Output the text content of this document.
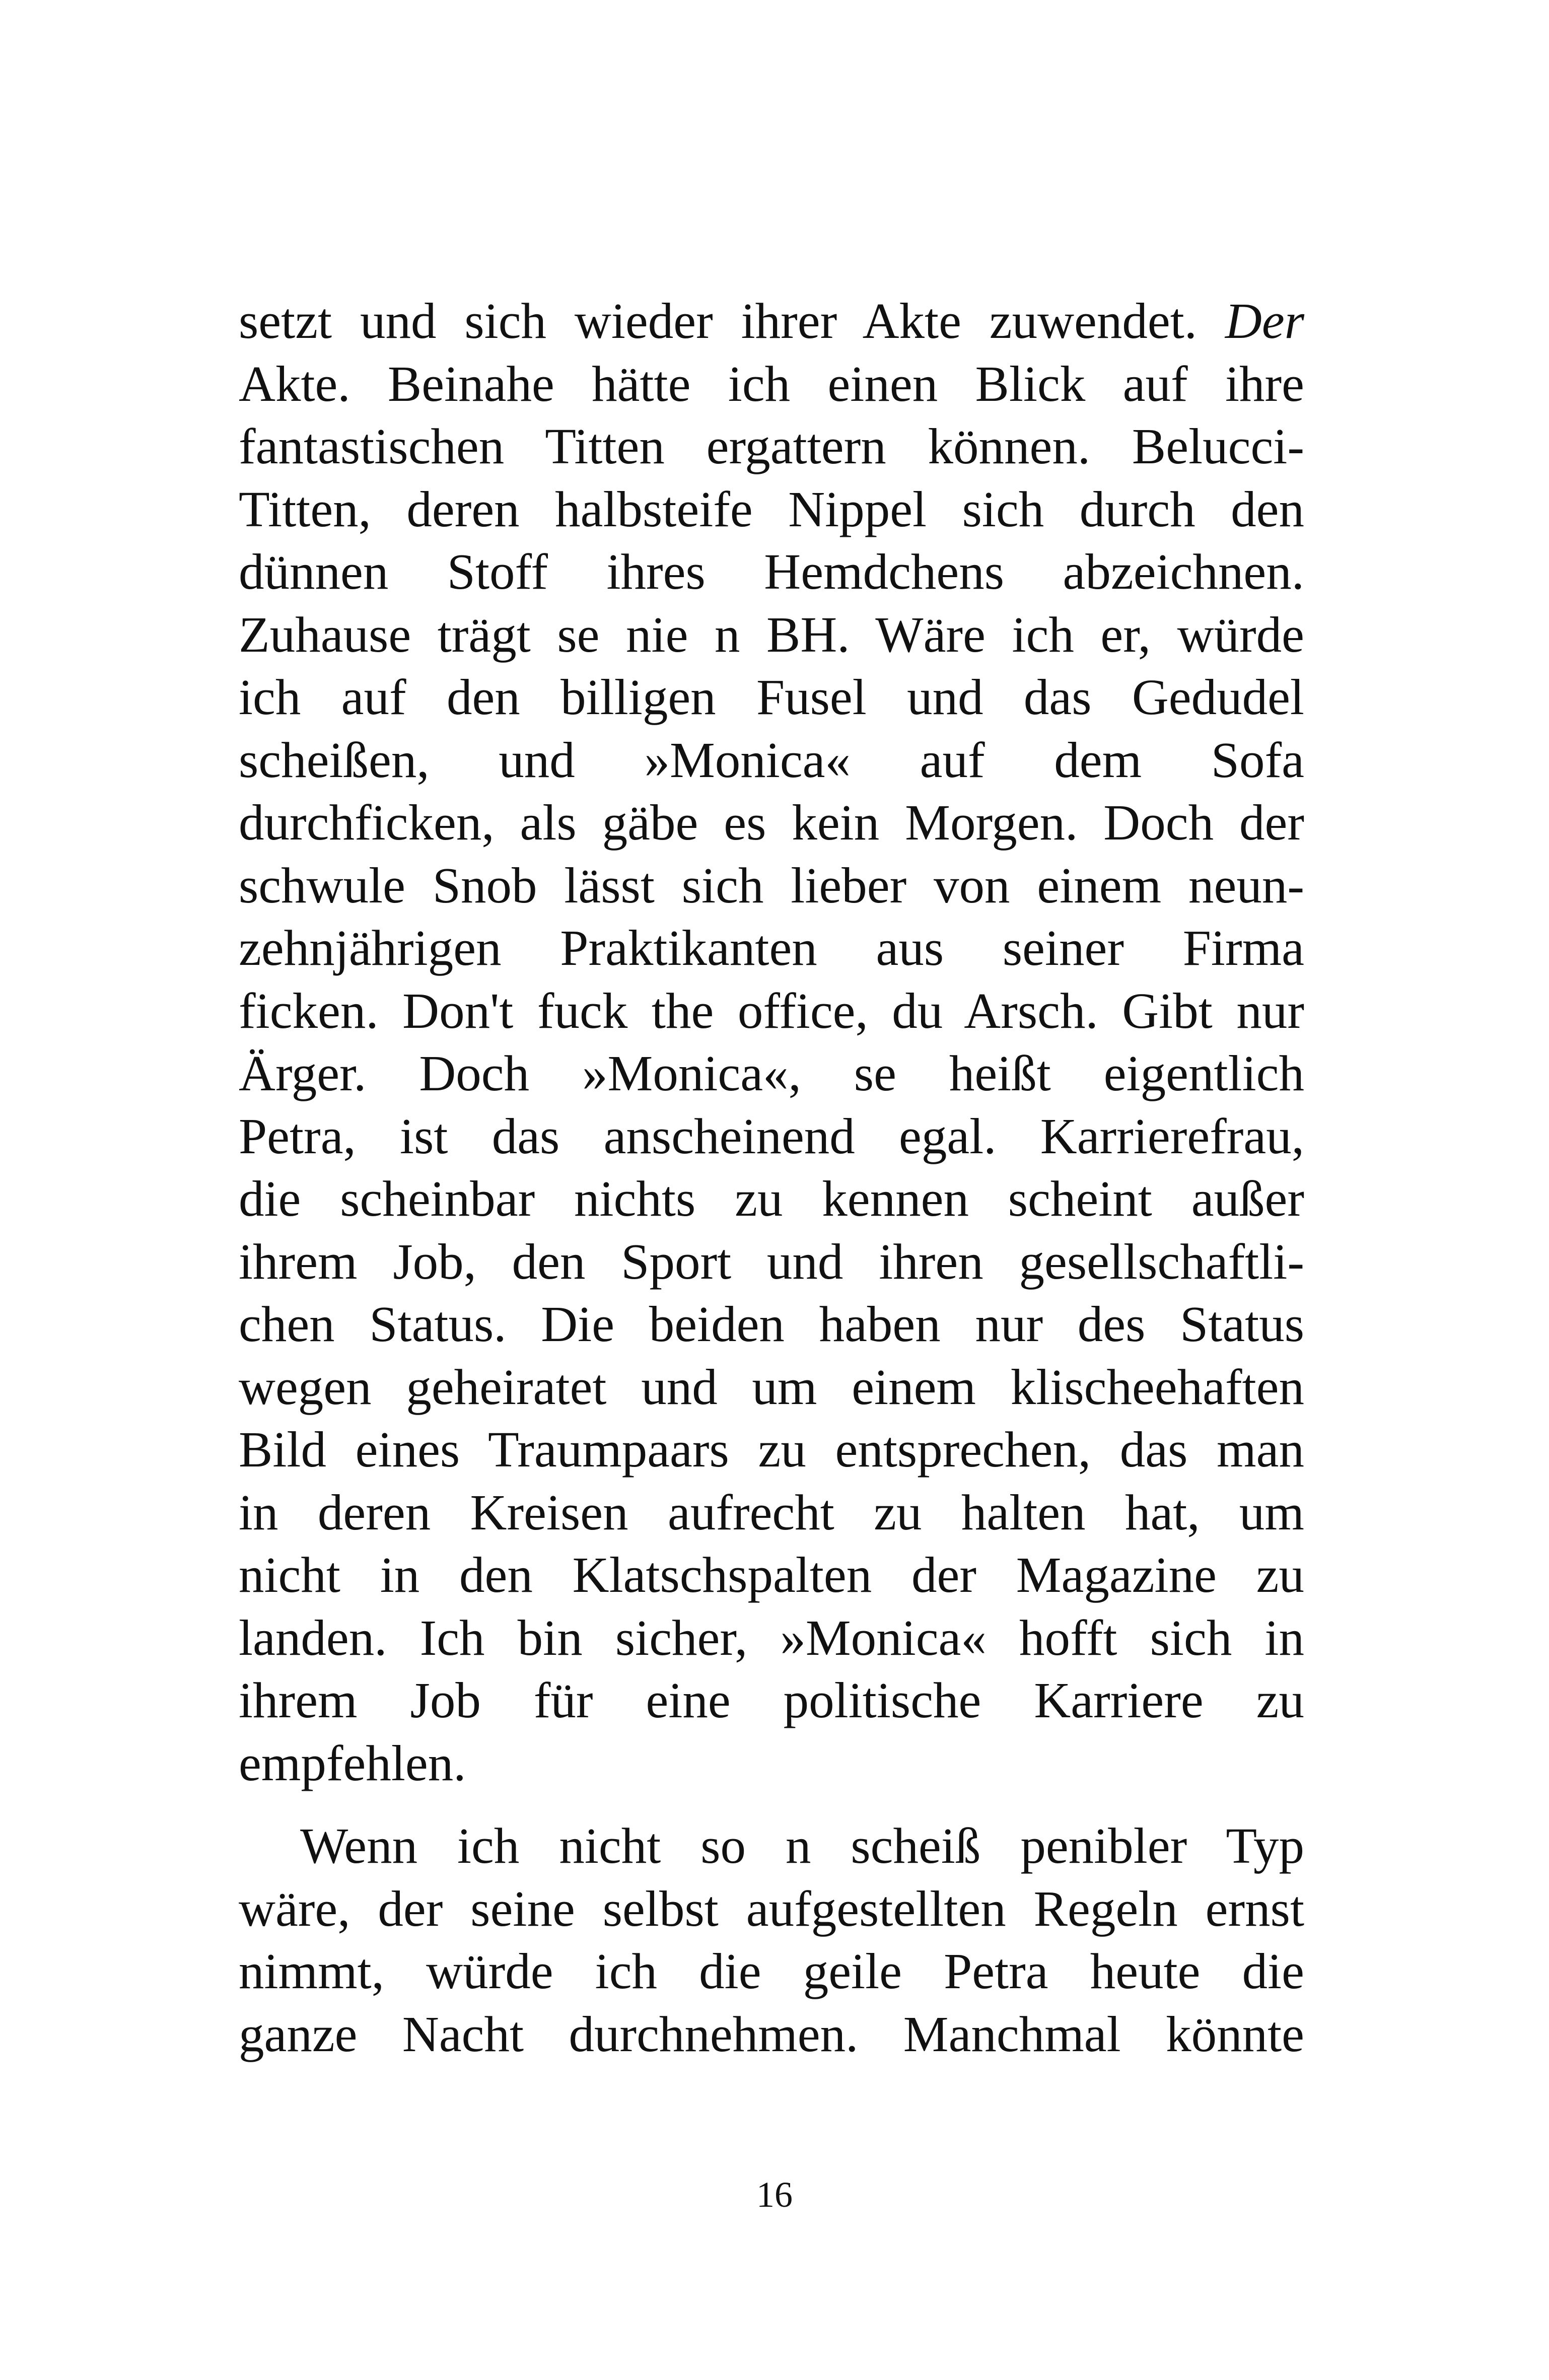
setzt und sich wieder ihrer Akte zuwendet. Der
Akte. Beinahe hätte ich einen Blick auf ihre
fantastischen Titten ergattern können. Belucci-
Titten, deren halbsteife Nippel sich durch den
dünnen Stoff ihres Hemdchens abzeichnen.
Zuhause trägt se nie n BH. Wäre ich er, würde
ich auf den billigen Fusel und das Gedudel
scheißen, und »Monica« auf dem Sofa
durchficken, als gäbe es kein Morgen. Doch der
schwule Snob lässt sich lieber von einem neun-
zehnjährigen Praktikanten aus seiner Firma
ficken. Don't fuck the office, du Arsch. Gibt nur
Ärger. Doch »Monica«, se heißt eigentlich
Petra, ist das anscheinend egal. Karrierefrau,
die scheinbar nichts zu kennen scheint außer
ihrem Job, den Sport und ihren gesellschaftli-
chen Status. Die beiden haben nur des Status
wegen geheiratet und um einem klischeehaften
Bild eines Traumpaars zu entsprechen, das man
in deren Kreisen aufrecht zu halten hat, um
nicht in den Klatschspalten der Magazine zu
landen. Ich bin sicher, »Monica« hofft sich in
ihrem Job für eine politische Karriere zu
empfehlen.
Wenn ich nicht so n scheiß penibler Typ
wäre, der seine selbst aufgestellten Regeln ernst
nimmt, würde ich die geile Petra heute die
ganze Nacht durchnehmen. Manchmal könnte
16
